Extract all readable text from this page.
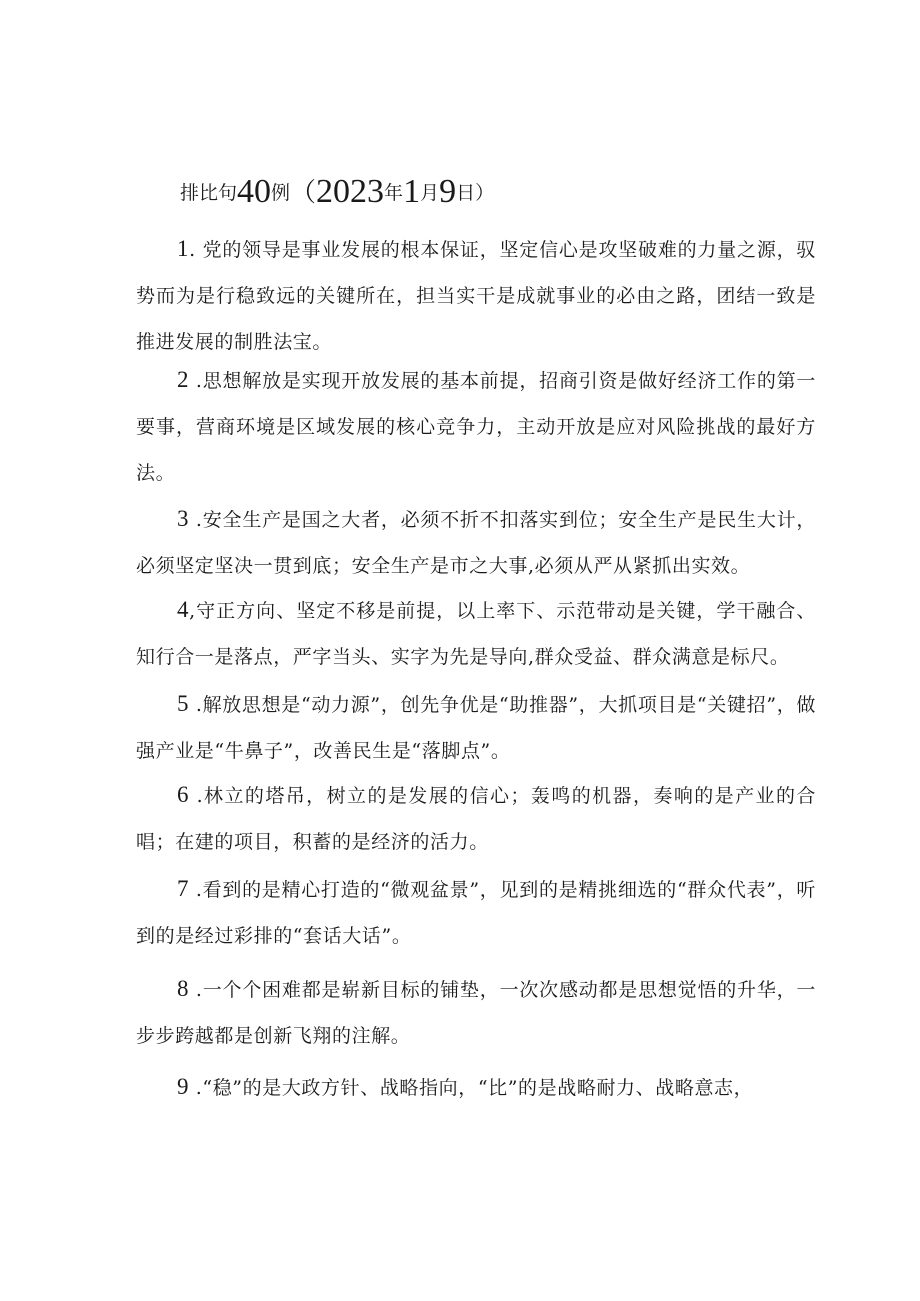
排比句40例（2023年1月9日）

1. 党的领导是事业发展的根本保证，坚定信心是攻坚破难的力量之源，驭势而为是行稳致远的关键所在，担当实干是成就事业的必由之路，团结一致是推进发展的制胜法宝。

2 .思想解放是实现开放发展的基本前提，招商引资是做好经济工作的第一要事，营商环境是区域发展的核心竞争力，主动开放是应对风险挑战的最好方法。

3 .安全生产是国之大者，必须不折不扣落实到位；安全生产是民生大计，必须坚定坚决一贯到底；安全生产是市之大事,必须从严从紧抓出实效。

4,守正方向、坚定不移是前提，以上率下、示范带动是关键，学干融合、知行合一是落点，严字当头、实字为先是导向,群众受益、群众满意是标尺。

5 .解放思想是“动力源”，创先争优是“助推器”，大抓项目是“关键招”，做强产业是“牛鼻子”，改善民生是“落脚点”。

6 .林立的塔吊，树立的是发展的信心；轰鸣的机器，奏响的是产业的合唱；在建的项目，积蓄的是经济的活力。

7 .看到的是精心打造的“微观盆景”，见到的是精挑细选的“群众代表”，听到的是经过彩排的“套话大话”。

8 .一个个困难都是崭新目标的铺垫，一次次感动都是思想觉悟的升华，一步步跨越都是创新飞翔的注解。

9 .“稳”的是大政方针、战略指向，“比”的是战略耐力、战略意志，
